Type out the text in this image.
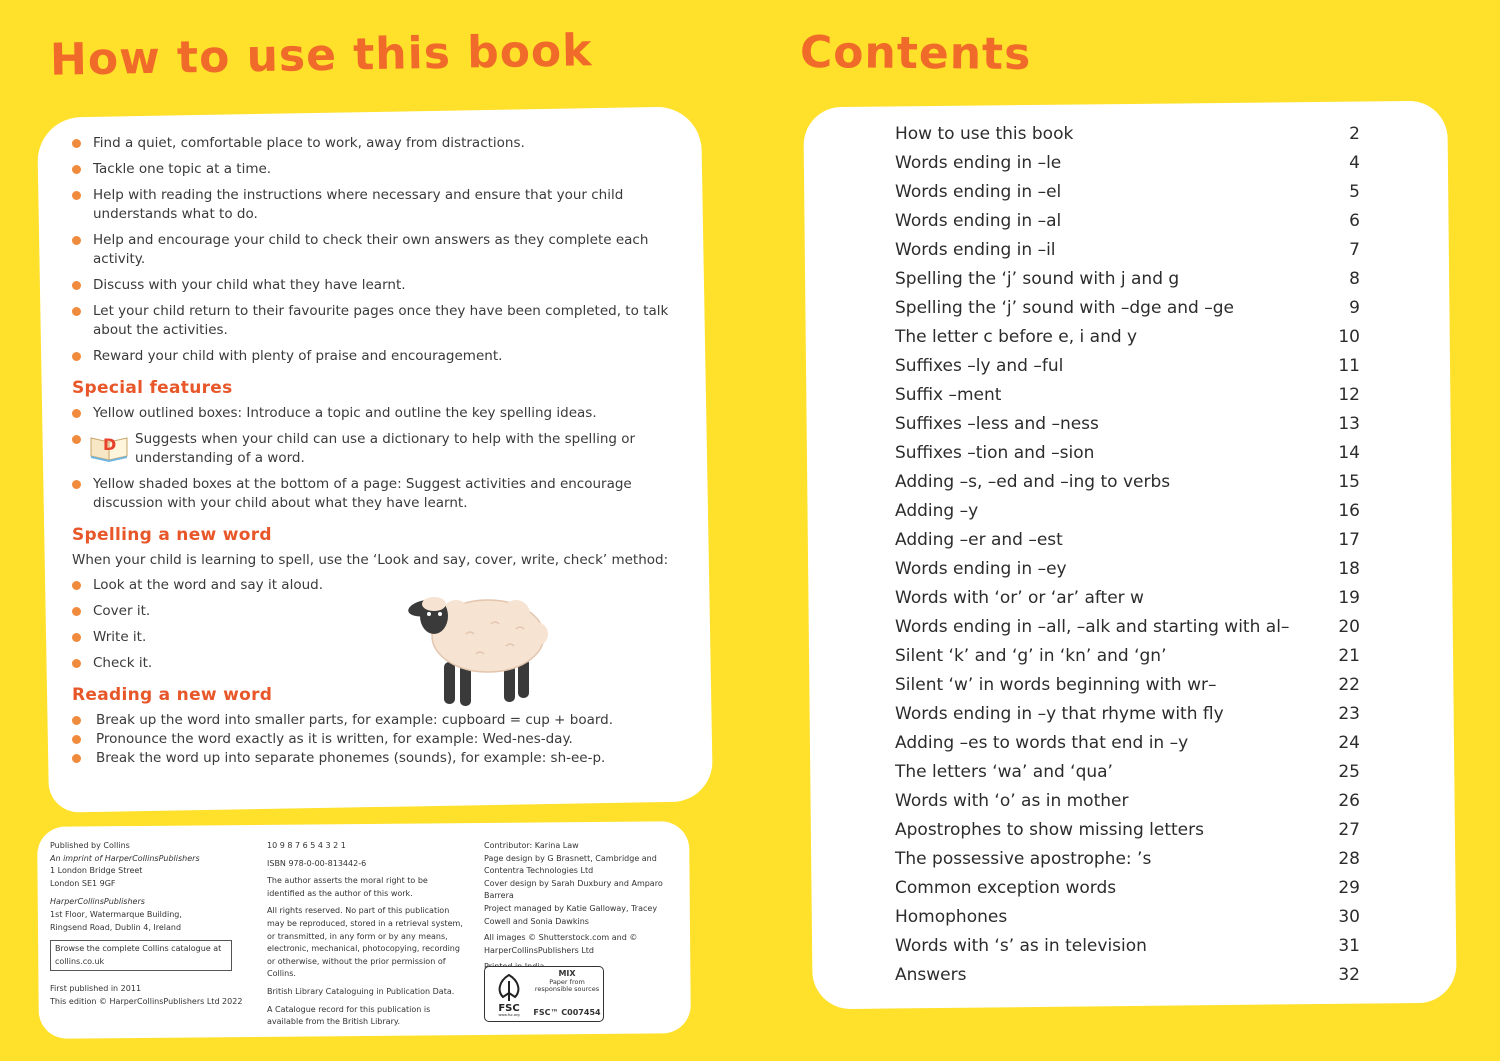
How to use this book	Contents
Find a quiet, comfortable place to work, away from distractions.
Tackle one topic at a time.
Help with reading the instructions where necessary and ensure that your child understands what to do.
Help and encourage your child to check their own answers as they complete each activity.
Discuss with your child what they have learnt.
Let your child return to their favourite pages once they have been completed, to talk about the activities.
Reward your child with plenty of praise and encouragement.
Special features
Yellow outlined boxes: Introduce a topic and outline the key spelling ideas.
D Suggests when your child can use a dictionary to help with the spelling or understanding of a word.
Yellow shaded boxes at the bottom of a page: Suggest activities and encourage discussion with your child about what they have learnt.
Spelling a new word

When your child is learning to spell, use the ‘Look and say, cover, write, check’ method:

Look at the word and say it aloud.
Cover it.
Write it.
Check it.
Reading a new word
Break up the word into smaller parts, for example: cupboard = cup + board.
Pronounce the word exactly as it is written, for example: Wed-nes-day.
Break the word up into separate phonemes (sounds), for example: sh-ee-p.
Published by Collins
An imprint of HarperCollinsPublishers
1 London Bridge Street
London SE1 9GF
HarperCollinsPublishers
1st Floor, Watermarque Building,
Ringsend Road, Dublin 4, Ireland
Browse the complete Collins catalogue at collins.co.uk
First published in 2011
This edition © HarperCollinsPublishers Ltd 2022

10 9 8 7 6 5 4 3 2 1

ISBN 978-0-00-813442-6

The author asserts the moral right to be identified as the author of this work.

All rights reserved. No part of this publication may be reproduced, stored in a retrieval system, or transmitted, in any form or by any means, electronic, mechanical, photocopying, recording or otherwise, without the prior permission of Collins.

British Library Cataloguing in Publication Data.

A Catalogue record for this publication is available from the British Library.

Contributor: Karina Law
Page design by G Brasnett, Cambridge and Contentra Technologies Ltd
Cover design by Sarah Duxbury and Amparo Barrera
Project managed by Katie Galloway, Tracey Cowell and Sonia Dawkins
All images © Shutterstock.com and © HarperCollinsPublishers Ltd
FSC
www.fsc.org
MIX
Paper from responsible sources
FSC™ C007454
How to use this book	2
Words ending in –le	4
Words ending in –el	5
Words ending in –al	6
Words ending in –il	7
Spelling the ‘j’ sound with j and g	8
Spelling the ‘j’ sound with –dge and –ge	9
The letter c before e, i and y	10
Suffixes –ly and –ful	11
Suffix –ment	12
Suffixes –less and –ness	13
Suffixes –tion and –sion	14
Adding –s, –ed and –ing to verbs	15
Adding –y	16
Adding –er and –est	17
Words ending in –ey	18
Words with ‘or’ or ‘ar’ after w	19
Words ending in –all, –alk and starting with al–	20
Silent ‘k’ and ‘g’ in ‘kn’ and ‘gn’	21
Silent ‘w’ in words beginning with wr–	22
Words ending in –y that rhyme with fly	23
Adding –es to words that end in –y	24
The letters ‘wa’ and ‘qua’	25
Words with ‘o’ as in mother	26
Apostrophes to show missing letters	27
The possessive apostrophe: ’s	28
Common exception words	29
Homophones	30
Words with ‘s’ as in television	31
Answers	32
